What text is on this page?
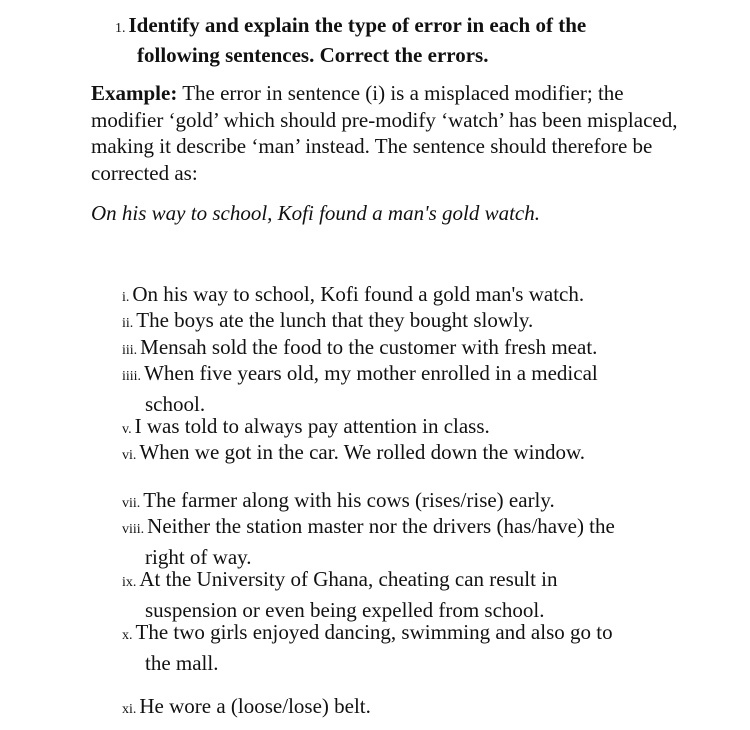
1. Identify and explain the type of error in each of the
following sentences. Correct the errors.
Example: The error in sentence (i) is a misplaced modifier; the modifier ‘gold’ which should pre-modify ‘watch’ has been misplaced, making it describe ‘man’ instead. The sentence should therefore be corrected as:
On his way to school, Kofi found a man's gold watch.
i. On his way to school, Kofi found a gold man's watch.
ii. The boys ate the lunch that they bought slowly.
iii. Mensah sold the food to the customer with fresh meat.
iiii. When five years old, my mother enrolled in a medical
school.
v. I was told to always pay attention in class.
vi. When we got in the car. We rolled down the window.
vii. The farmer along with his cows (rises/rise) early.
viii. Neither the station master nor the drivers (has/have) the
right of way.
ix. At the University of Ghana, cheating can result in
suspension or even being expelled from school.
x. The two girls enjoyed dancing, swimming and also go to
the mall.
xi. He wore a (loose/lose) belt.
